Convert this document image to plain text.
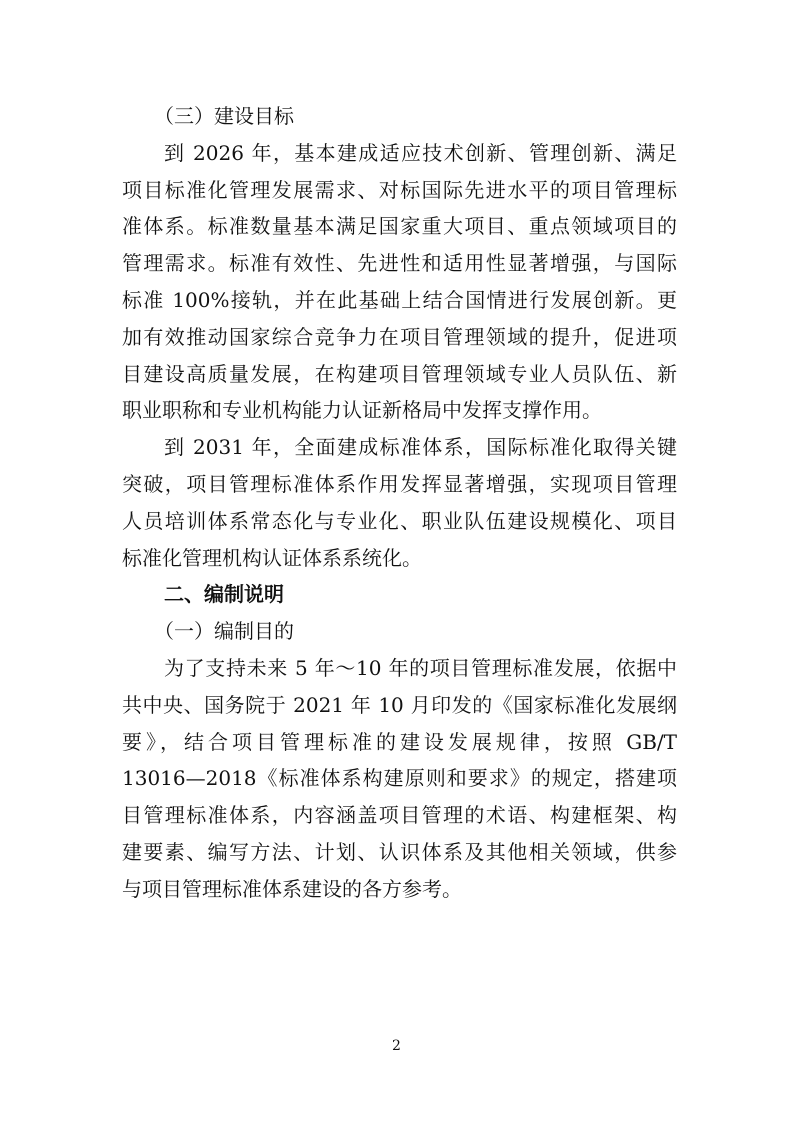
（三）建设目标
到 2026 年，基本建成适应技术创新、管理创新、满足
项目标准化管理发展需求、对标国际先进水平的项目管理标
准体系。标准数量基本满足国家重大项目、重点领域项目的
管理需求。标准有效性、先进性和适用性显著增强，与国际
标准 100%接轨，并在此基础上结合国情进行发展创新。更
加有效推动国家综合竞争力在项目管理领域的提升，促进项
目建设高质量发展，在构建项目管理领域专业人员队伍、新
职业职称和专业机构能力认证新格局中发挥支撑作用。
到 2031 年，全面建成标准体系，国际标准化取得关键
突破，项目管理标准体系作用发挥显著增强，实现项目管理
人员培训体系常态化与专业化、职业队伍建设规模化、项目
标准化管理机构认证体系系统化。
二、编制说明
（一）编制目的
为了支持未来 5 年～10 年的项目管理标准发展，依据中
共中央、国务院于 2021 年 10 月印发的《国家标准化发展纲
要》，结合项目管理标准的建设发展规律，按照 GB/T
13016—2018《标准体系构建原则和要求》的规定，搭建项
目管理标准体系，内容涵盖项目管理的术语、构建框架、构
建要素、编写方法、计划、认识体系及其他相关领域，供参
与项目管理标准体系建设的各方参考。
2
